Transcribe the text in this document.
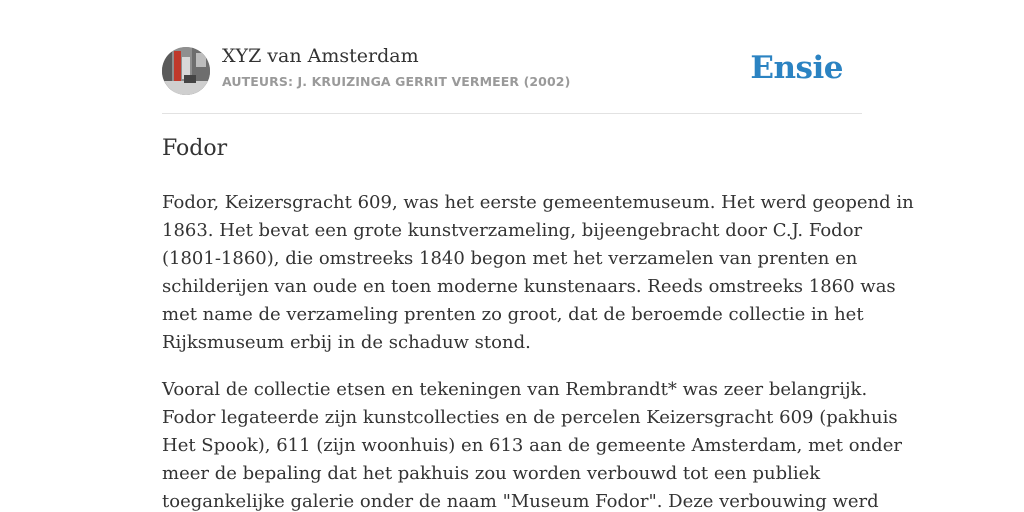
XYZ van Amsterdam
AUTEURS: J. KRUIZINGA GERRIT VERMEER (2002)	Ensie
Fodor

Fodor, Keizersgracht 609, was het eerste gemeentemuseum. Het werd geopend in
1863. Het bevat een grote kunstverzameling, bijeengebracht door C.J. Fodor
(1801-1860), die omstreeks 1840 begon met het verzamelen van prenten en
schilderijen van oude en toen moderne kunstenaars. Reeds omstreeks 1860 was
met name de verzameling prenten zo groot, dat de beroemde collectie in het
Rijksmuseum erbij in de schaduw stond.

Vooral de collectie etsen en tekeningen van Rembrandt* was zeer belangrijk.
Fodor legateerde zijn kunstcollecties en de percelen Keizersgracht 609 (pakhuis
Het Spook), 611 (zijn woonhuis) en 613 aan de gemeente Amsterdam, met onder
meer de bepaling dat het pakhuis zou worden verbouwd tot een publiek
toegankelijke galerie onder de naam "Museum Fodor". Deze verbouwing werd
